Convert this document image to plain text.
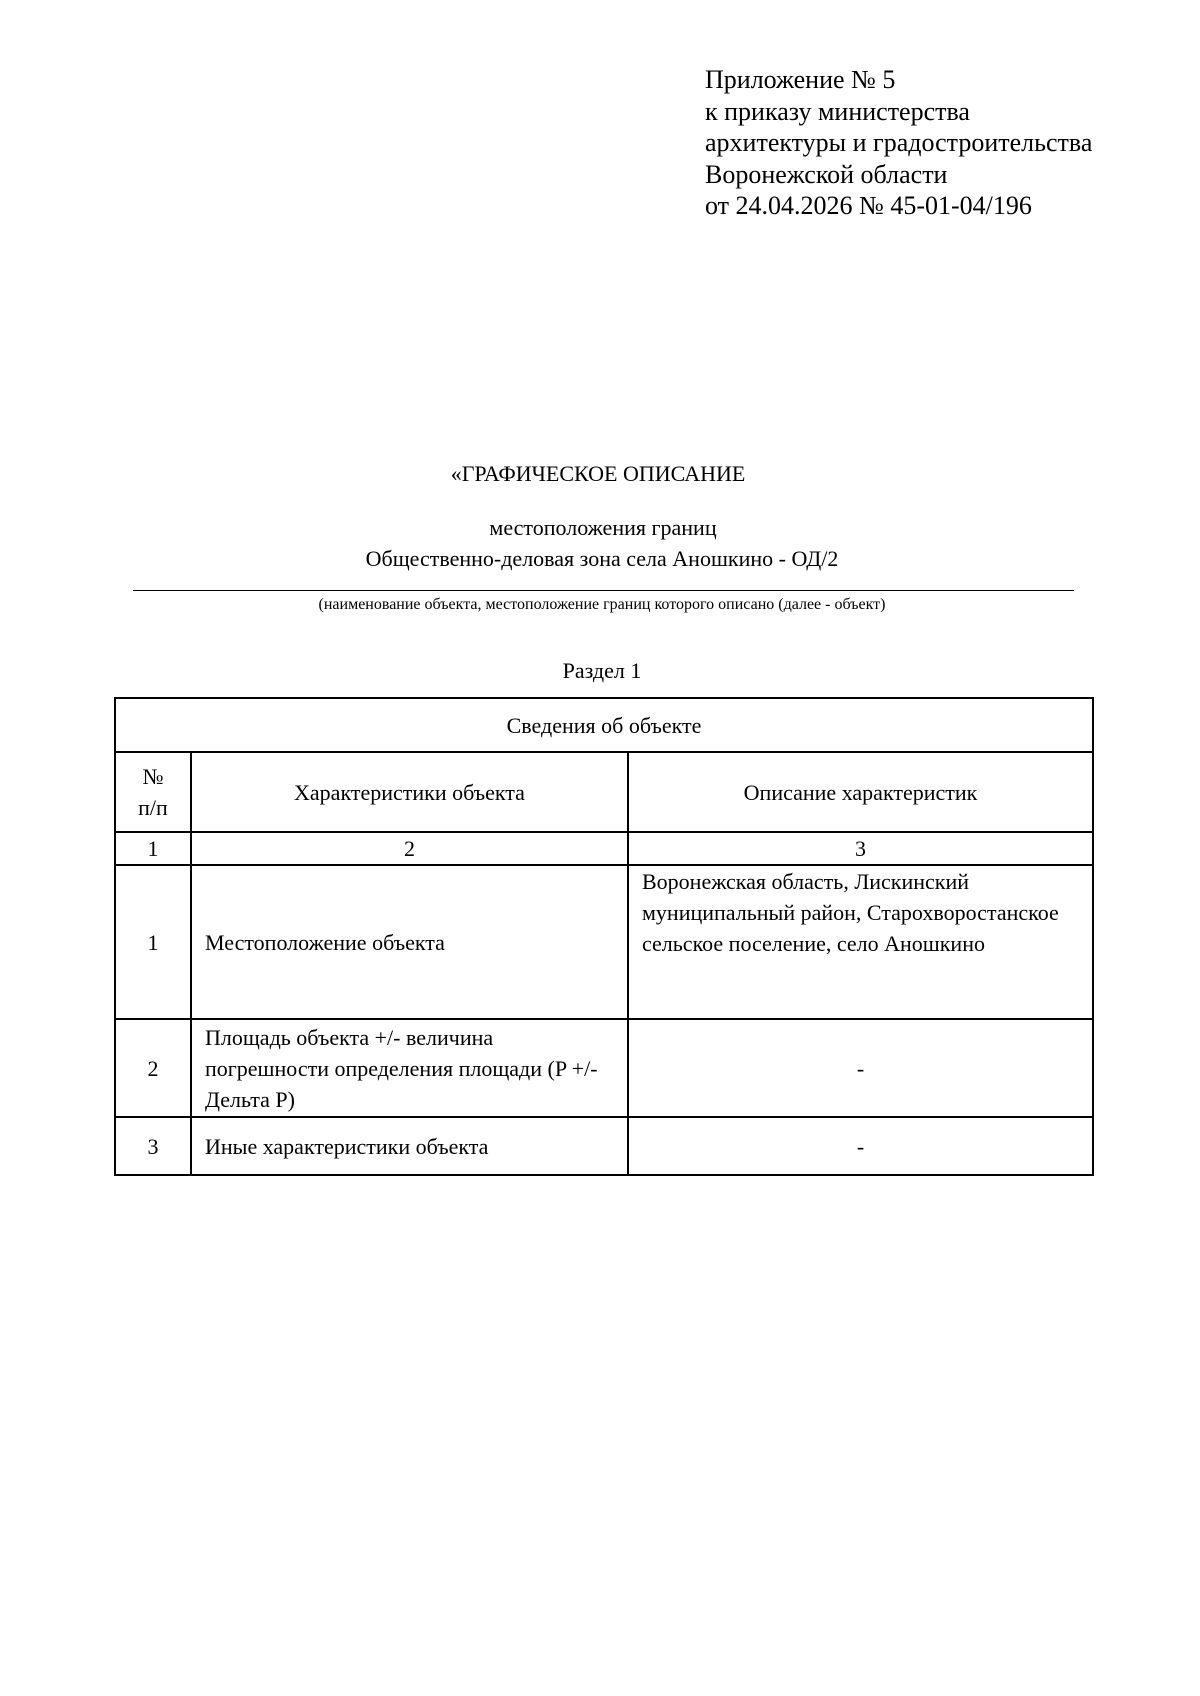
Приложение № 5
к приказу министерства
архитектуры и градостроительства
Воронежской области
от 24.04.2026 № 45-01-04/196
«ГРАФИЧЕСКОЕ ОПИСАНИЕ
местоположения границ
Общественно-деловая зона села Аношкино - ОД/2
(наименование объекта, местоположение границ которого описано (далее - объект)
Раздел 1
Сведения об объекте		

№
п/п	Характеристики объекта	Описание характеристик
1	2	3
1	Местоположение объекта	Воронежская область, Лискинский муниципальный район, Старохворостанское сельское поселение, село Аношкино
2	Площадь объекта +/- величина погрешности определения площади (P +/- Дельта P)	-
3	Иные характеристики объекта	-
